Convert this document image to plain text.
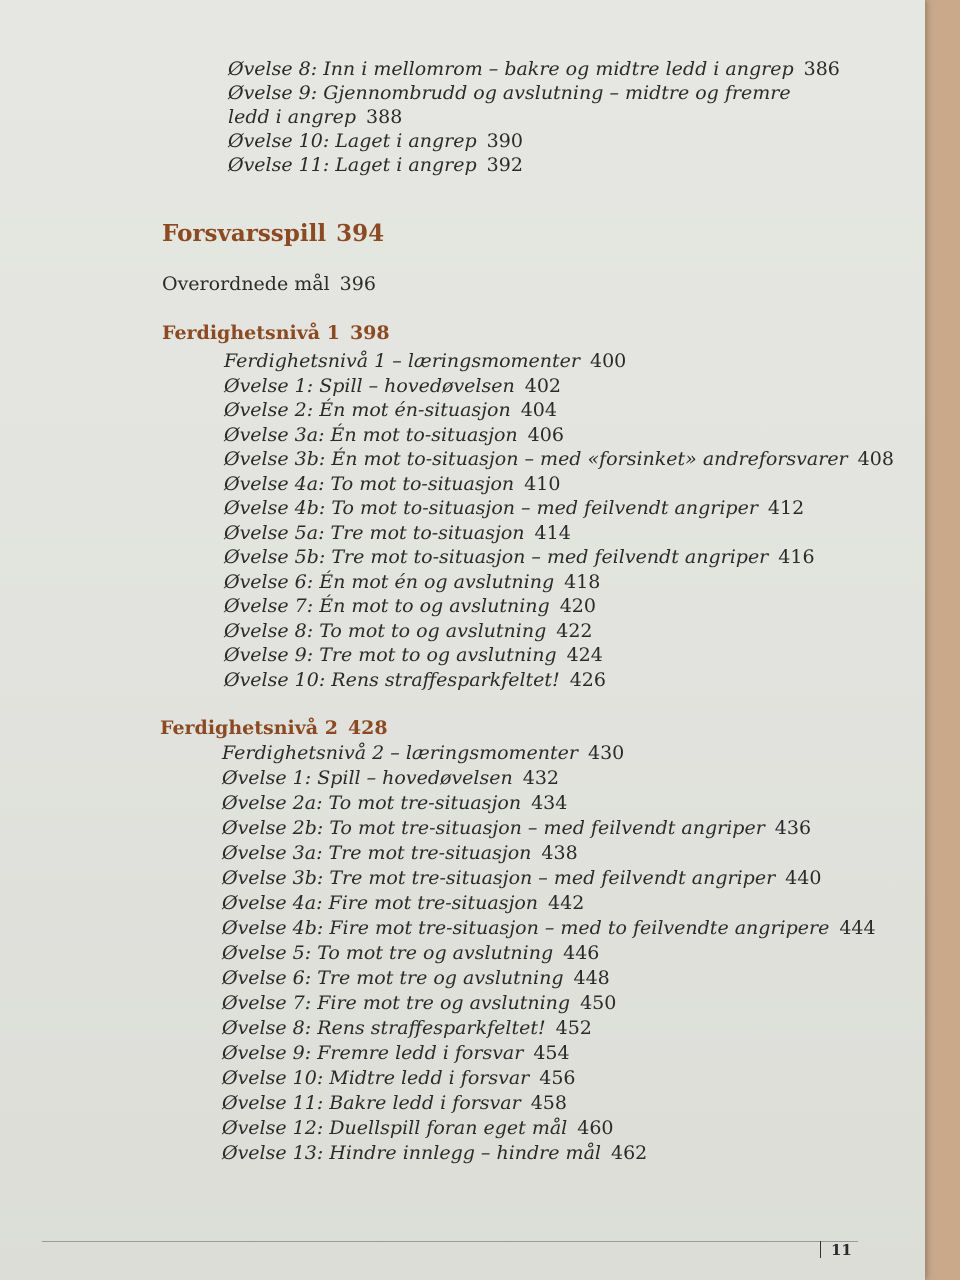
Øvelse 8: Inn i mellomrom – bakre og midtre ledd i angrep 386
Øvelse 9: Gjennombrudd og avslutning – midtre og fremre
ledd i angrep 388
Øvelse 10: Laget i angrep 390
Øvelse 11: Laget i angrep 392
Forsvarsspill 394
Overordnede mål 396
Ferdighetsnivå 1 398
Ferdighetsnivå 1 – læringsmomenter 400
Øvelse 1: Spill – hovedøvelsen 402
Øvelse 2: Én mot én-situasjon 404
Øvelse 3a: Én mot to-situasjon 406
Øvelse 3b: Én mot to-situasjon – med «forsinket» andreforsvarer 408
Øvelse 4a: To mot to-situasjon 410
Øvelse 4b: To mot to-situasjon – med feilvendt angriper 412
Øvelse 5a: Tre mot to-situasjon 414
Øvelse 5b: Tre mot to-situasjon – med feilvendt angriper 416
Øvelse 6: Én mot én og avslutning 418
Øvelse 7: Én mot to og avslutning 420
Øvelse 8: To mot to og avslutning 422
Øvelse 9: Tre mot to og avslutning 424
Øvelse 10: Rens straffesparkfeltet! 426
Ferdighetsnivå 2 428
Ferdighetsnivå 2 – læringsmomenter 430
Øvelse 1: Spill – hovedøvelsen 432
Øvelse 2a: To mot tre-situasjon 434
Øvelse 2b: To mot tre-situasjon – med feilvendt angriper 436
Øvelse 3a: Tre mot tre-situasjon 438
Øvelse 3b: Tre mot tre-situasjon – med feilvendt angriper 440
Øvelse 4a: Fire mot tre-situasjon 442
Øvelse 4b: Fire mot tre-situasjon – med to feilvendte angripere 444
Øvelse 5: To mot tre og avslutning 446
Øvelse 6: Tre mot tre og avslutning 448
Øvelse 7: Fire mot tre og avslutning 450
Øvelse 8: Rens straffesparkfeltet! 452
Øvelse 9: Fremre ledd i forsvar 454
Øvelse 10: Midtre ledd i forsvar 456
Øvelse 11: Bakre ledd i forsvar 458
Øvelse 12: Duellspill foran eget mål 460
Øvelse 13: Hindre innlegg – hindre mål 462
11
